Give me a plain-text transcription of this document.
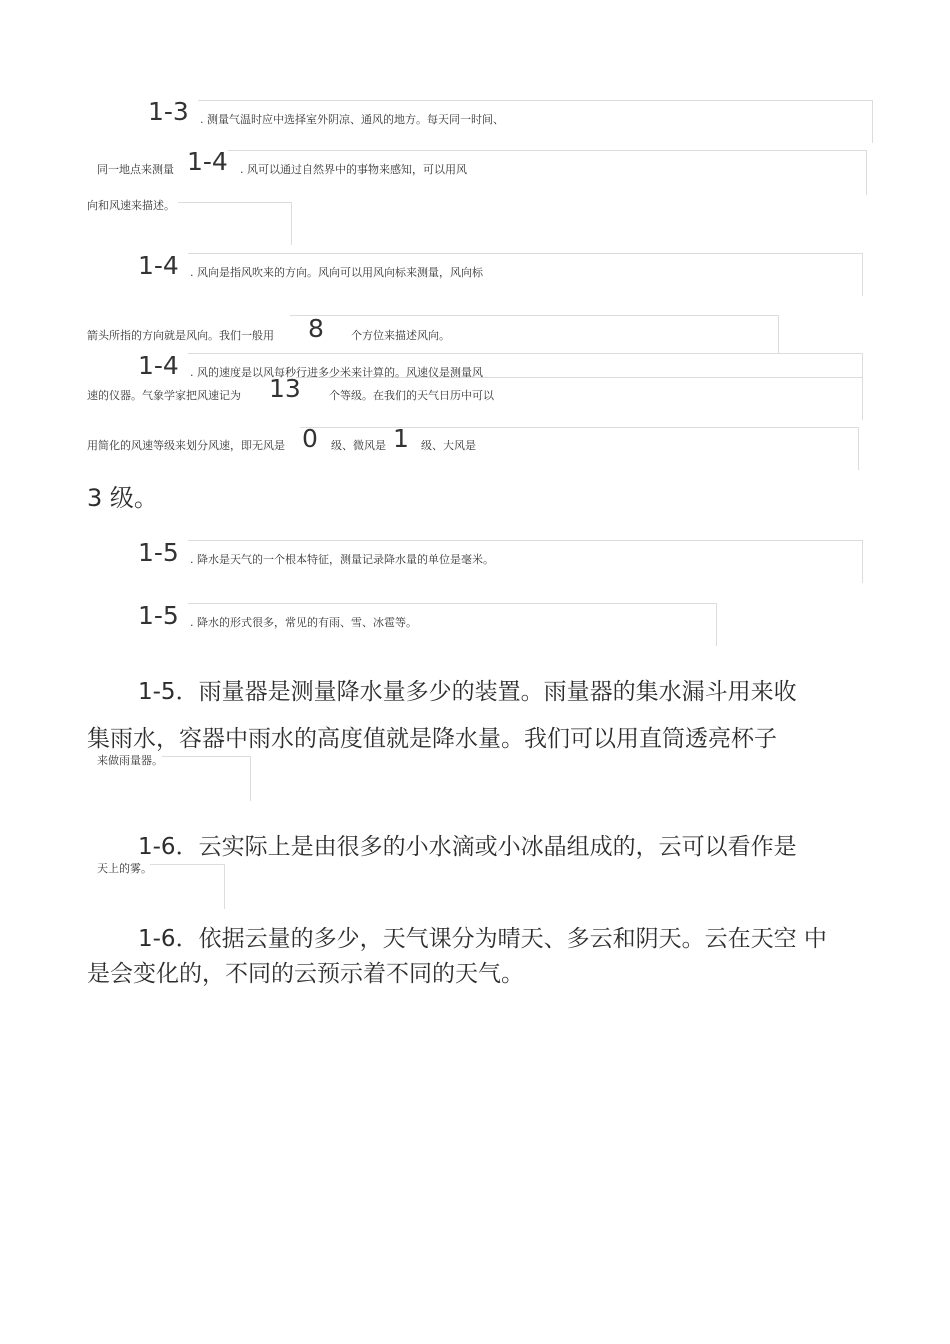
1-3 . 测量气温时应中选择室外阴凉、通风的地方。每天同一时间、
同一地点来测量 1-4 . 风可以通过自然界中的事物来感知，可以用风
向和风速来描述。
1-4 . 风向是指风吹来的方向。风向可以用风向标来测量，风向标
箭头所指的方向就是风向。我们一般用 8 个方位来描述风向。
1-4 . 风的速度是以风每秒行进多少米来计算的。风速仪是测量风
速的仪器。气象学家把风速记为 13	个等级。在我们的天气日历中可以
用简化的风速等级来划分风速，即无风是 0 级、微风是 1 级、大风是
3 级。
1-5 . 降水是天气的一个根本特征，测量记录降水量的单位是毫米。
1-5 . 降水的形式很多，常见的有雨、雪、冰雹等。
1-5．雨量器是测量降水量多少的装置。雨量器的集水漏斗用来收
集雨水，容器中雨水的高度值就是降水量。我们可以用直筒透亮杯子
来做雨量器。
1-6．云实际上是由很多的小水滴或小冰晶组成的，云可以看作是
天上的雾。
1-6．依据云量的多少，天气课分为晴天、多云和阴天。云在天空 中
是会变化的，不同的云预示着不同的天气。
